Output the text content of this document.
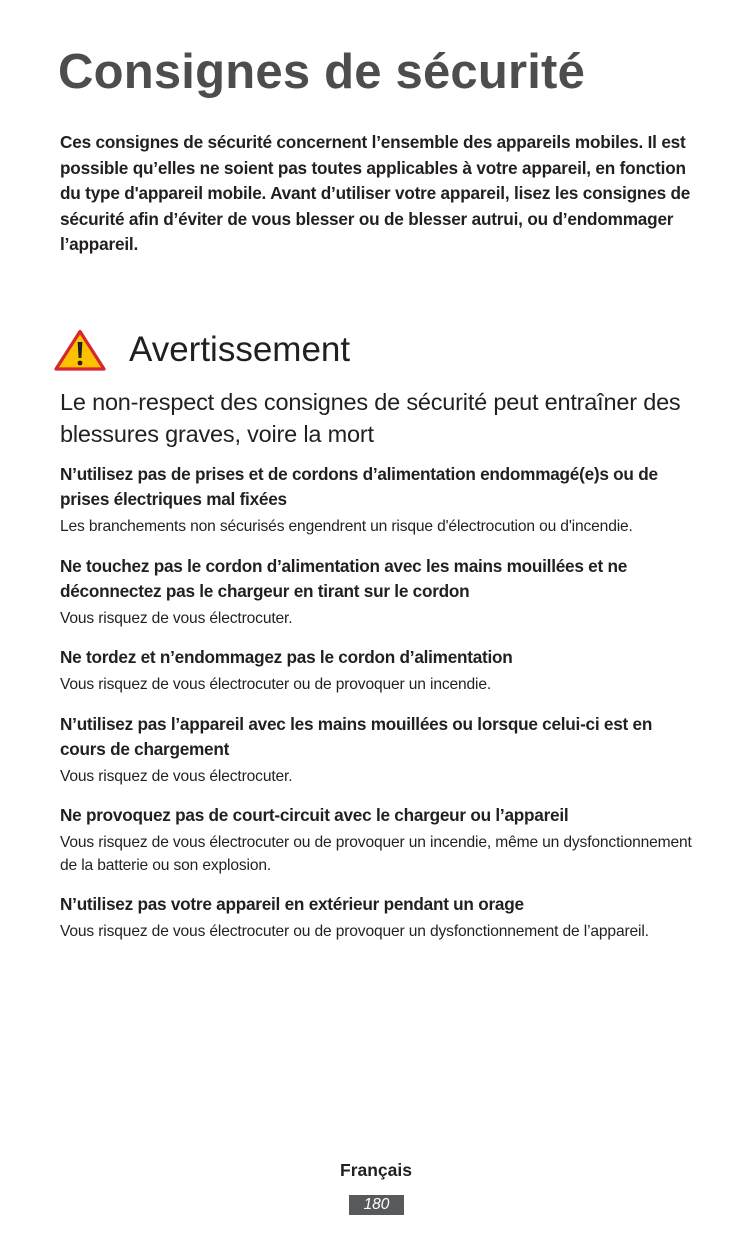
Consignes de sécurité

Ces consignes de sécurité concernent l’ensemble des appareils mobiles. Il est possible qu’elles ne soient pas toutes applicables à votre appareil, en fonction du type d'appareil mobile. Avant d’utiliser votre appareil, lisez les consignes de sécurité afin d’éviter de vous blesser ou de blesser autrui, ou d’endommager l’appareil.

Avertissement

Le non-respect des consignes de sécurité peut entraîner des blessures graves, voire la mort

N’utilisez pas de prises et de cordons d’alimentation endommagé(e)s ou de prises électriques mal fixées

Les branchements non sécurisés engendrent un risque d'électrocution ou d'incendie.

Ne touchez pas le cordon d’alimentation avec les mains mouillées et ne déconnectez pas le chargeur en tirant sur le cordon

Vous risquez de vous électrocuter.

Ne tordez et n’endommagez pas le cordon d’alimentation

Vous risquez de vous électrocuter ou de provoquer un incendie.

N’utilisez pas l’appareil avec les mains mouillées ou lorsque celui-ci est en cours de chargement

Vous risquez de vous électrocuter.

Ne provoquez pas de court-circuit avec le chargeur ou l’appareil

Vous risquez de vous électrocuter ou de provoquer un incendie, même un dysfonctionnement de la batterie ou son explosion.

N’utilisez pas votre appareil en extérieur pendant un orage

Vous risquez de vous électrocuter ou de provoquer un dysfonctionnement de l’appareil.

Français
180
